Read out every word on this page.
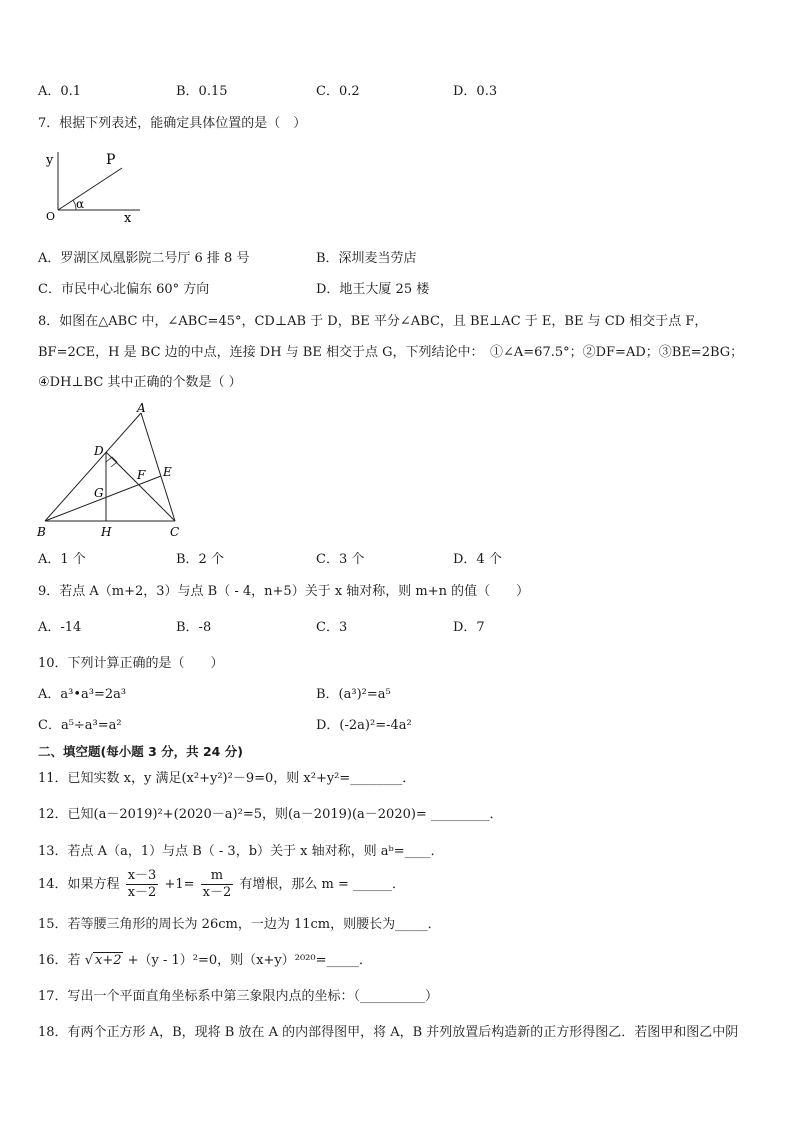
A．0.1	B．0.15	C．0.2	D．0.3
7．根据下列表述，能确定具体位置的是（　）
y
x
O
P
α
A．罗湖区凤凰影院二号厅 6 排 8 号	B．深圳麦当劳店
C．市民中心北偏东 60° 方向	D．地王大厦 25 楼
8．如图在△ABC 中，∠ABC=45°，CD⊥AB 于 D，BE 平分∠ABC，且 BE⊥AC 于 E，BE 与 CD 相交于点 F，
BF=2CE，H 是 BC 边的中点，连接 DH 与 BE 相交于点 G，下列结论中：　①∠A=67.5°；②DF=AD；③BE=2BG；
④DH⊥BC 其中正确的个数是（ ）
A
B	C
D
E
F
G
H
A．1 个	B．2 个	C．3 个	D．4 个
9．若点 A（m+2，3）与点 B（ - 4，n+5）关于 x 轴对称，则 m+n 的值（　　）
A．-14	B．-8	C．3	D．7
10．下列计算正确的是（　　）
A．a³•a³=2a³	B．(a³)²=a⁵
C．a⁵÷a³=a²	D．(-2a)²=-4a²
二、填空题(每小题 3 分，共 24 分)
11．已知实数 x，y 满足(x²+y²)²－9=0，则 x²+y²=________．
12．已知(a－2019)²+(2020－a)²=5，则(a－2019)(a－2020)= _________．
13．若点 A（a，1）与点 B（ - 3，b）关于 x 轴对称，则 aᵇ=____．
14．如果方程 $\frac{x-3}{x-2} +1= \frac{m}{x-2}$ 有增根，那么 m = ______．
15．若等腰三角形的周长为 26cm，一边为 11cm，则腰长为_____．
16．若 √ x+2 +（y - 1）²=0，则（x+y）²⁰²⁰=_____．
17．写出一个平面直角坐标系中第三象限内点的坐标：（__________）
18．有两个正方形 A，B，现将 B 放在 A 的内部得图甲，将 A，B 并列放置后构造新的正方形得图乙．若图甲和图乙中阴
